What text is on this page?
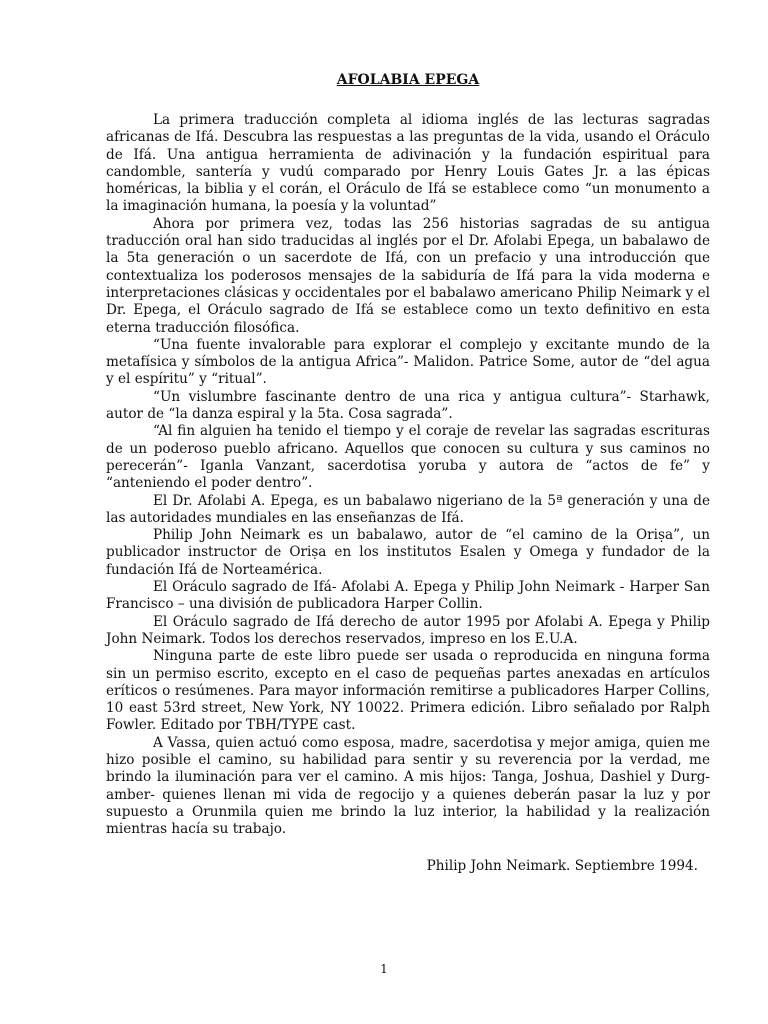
AFOLABIA EPEGA

La primera traducción completa al idioma inglés de las lecturas sagradas africanas de Ifá. Descubra las respuestas a las preguntas de la vida, usando el Oráculo de Ifá. Una antigua herramienta de adivinación y la fundación espiritual para candomble, santería y vudú comparado por Henry Louis Gates Jr. a las épicas homéricas, la biblia y el corán, el Oráculo de Ifá se establece como “un monumento a la imaginación humana, la poesía y la voluntad”

Ahora por primera vez, todas las 256 historias sagradas de su antigua traducción oral han sido traducidas al inglés por el Dr. Afolabi Epega, un babalawo de la 5ta generación o un sacerdote de Ifá, con un prefacio y una introducción que contextualiza los poderosos mensajes de la sabiduría de Ifá para la vida moderna e interpretaciones clásicas y occidentales por el babalawo americano Philip Neimark y el Dr. Epega, el Oráculo sagrado de Ifá se establece como un texto definitivo en esta eterna traducción filosófica.

“Una fuente invalorable para explorar el complejo y excitante mundo de la metafísica y símbolos de la antigua Africa”- Malidon. Patrice Some, autor de “del agua y el espíritu” y “ritual”.

“Un vislumbre fascinante dentro de una rica y antigua cultura”- Starhawk, autor de “la danza espiral y la 5ta. Cosa sagrada”.

“Al fin alguien ha tenido el tiempo y el coraje de revelar las sagradas escrituras de un poderoso pueblo africano. Aquellos que conocen su cultura y sus caminos no perecerán”- Iganla Vanzant, sacerdotisa yoruba y autora de “actos de fe” y “anteniendo el poder dentro”.

El Dr. Afolabi A. Epega, es un babalawo nigeriano de la 5ª generación y una de las autoridades mundiales en las enseñanzas de Ifá.

Philip John Neimark es un babalawo, autor de “el camino de la Oriṣa”, un publicador instructor de Oriṣa en los institutos Esalen y Omega y fundador de la fundación Ifá de Norteamérica.

El Oráculo sagrado de Ifá- Afolabi A. Epega y Philip John Neimark - Harper San Francisco – una división de publicadora Harper Collin.

El Oráculo sagrado de Ifá derecho de autor 1995 por Afolabi A. Epega y Philip John Neimark. Todos los derechos reservados, impreso en los E.U.A.

Ninguna parte de este libro puede ser usada o reproducida en ninguna forma sin un permiso escrito, excepto en el caso de pequeñas partes anexadas en artículos eríticos o resúmenes. Para mayor información remitirse a publicadores Harper Collins, 10 east 53rd street, New York, NY 10022. Primera edición. Libro señalado por Ralph Fowler. Editado por TBH/TYPE cast.

A Vassa, quien actuó como esposa, madre, sacerdotisa y mejor amiga, quien me hizo posible el camino, su habilidad para sentir y su reverencia por la verdad, me brindo la iluminación para ver el camino. A mis hijos: Tanga, Joshua, Dashiel y Durg-amber- quienes llenan mi vida de regocijo y a quienes deberán pasar la luz y por supuesto a Orunmila quien me brindo la luz interior, la habilidad y la realización mientras hacía su trabajo.

Philip John Neimark. Septiembre 1994.
1
